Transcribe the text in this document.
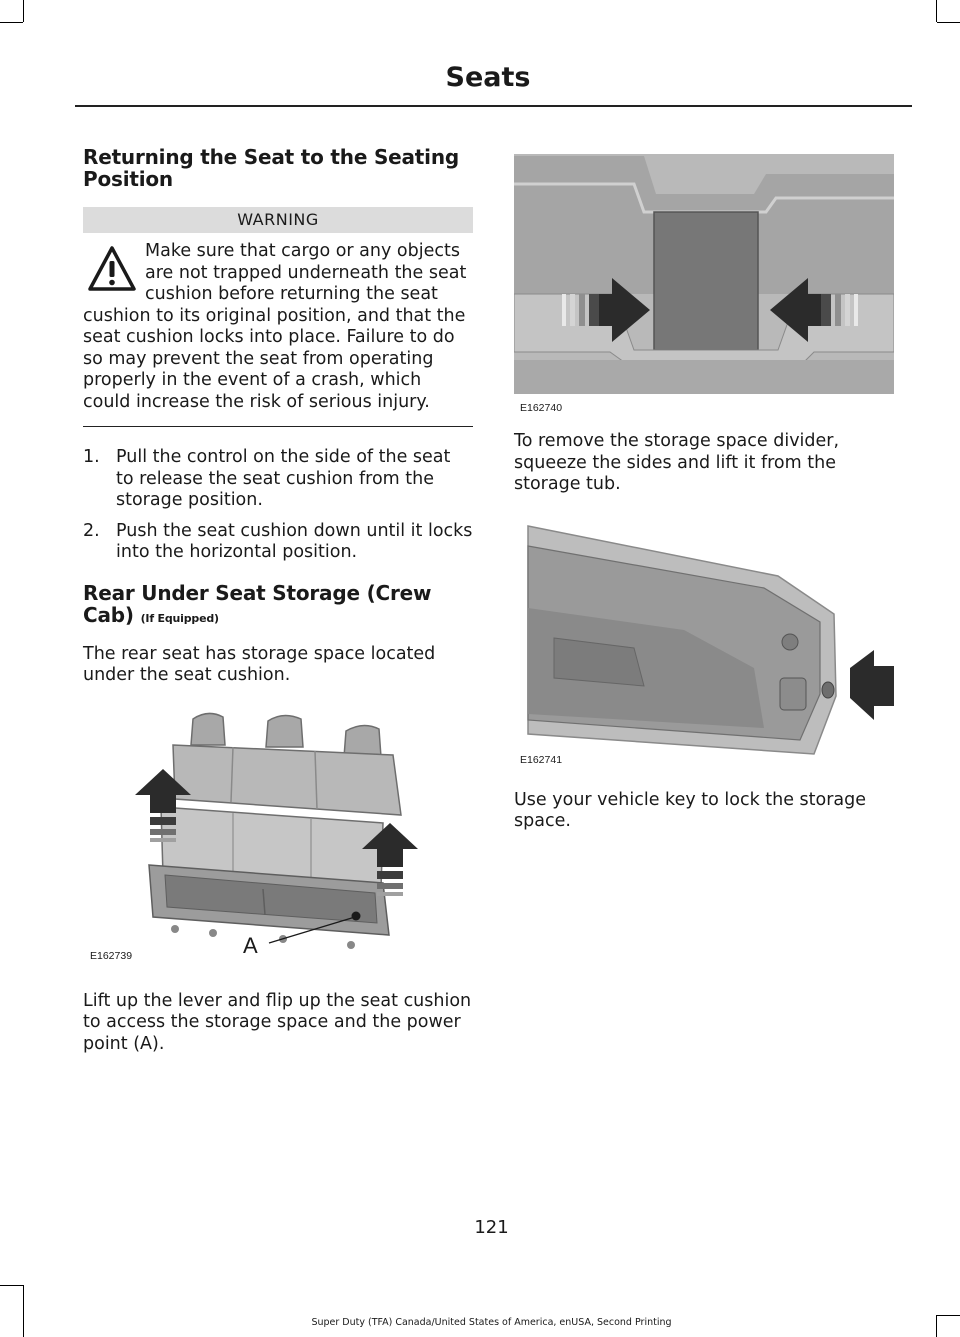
Seats
Returning the Seat to the Seating Position
WARNING
Make sure that cargo or any objects are not trapped underneath the seat cushion before returning the seat cushion to its original position, and that the seat cushion locks into place. Failure to do so may prevent the seat from operating properly in the event of a crash, which could increase the risk of serious injury.
1. Pull the control on the side of the seat to release the seat cushion from the storage position.
2. Push the seat cushion down until it locks into the horizontal position.
Rear Under Seat Storage (Crew Cab) (If Equipped)

The rear seat has storage space located under the seat cushion.

A
E162739

Lift up the lever and flip up the seat cushion to access the storage space and the power point (A).

E162740

To remove the storage space divider, squeeze the sides and lift it from the storage tub.

E162741

Use your vehicle key to lock the storage space.

121
Super Duty (TFA) Canada/United States of America, enUSA, Second Printing
